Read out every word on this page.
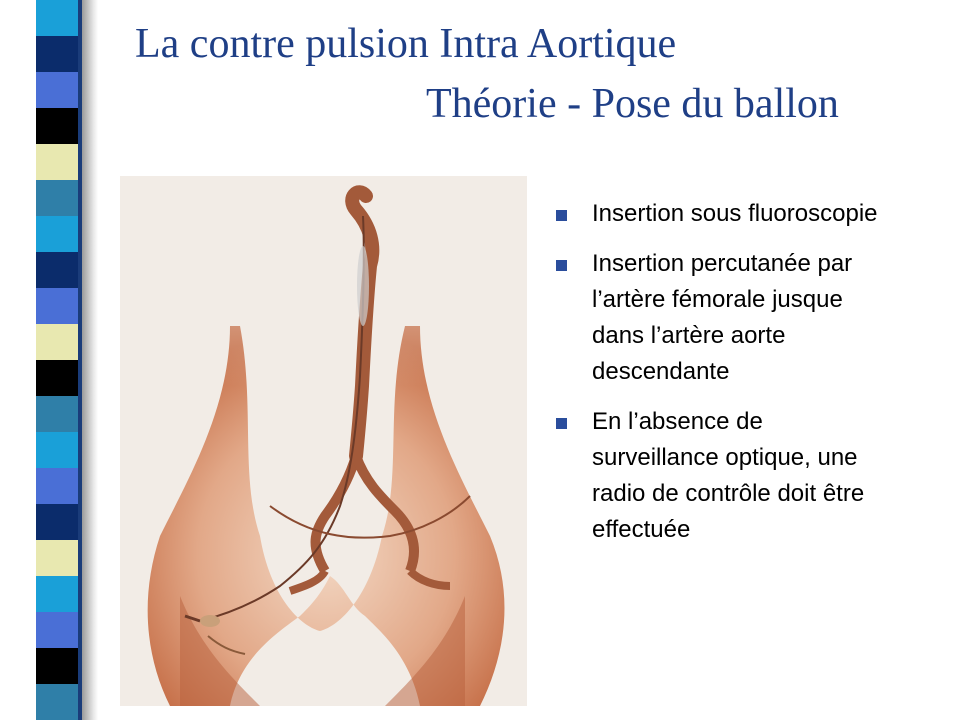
La contre pulsion Intra Aortique
Théorie - Pose du ballon
Insertion sous fluoroscopie
Insertion percutanée par l’artère fémorale jusque dans l’artère aorte descendante
En l’absence de surveillance optique, une radio de contrôle doit être effectuée
